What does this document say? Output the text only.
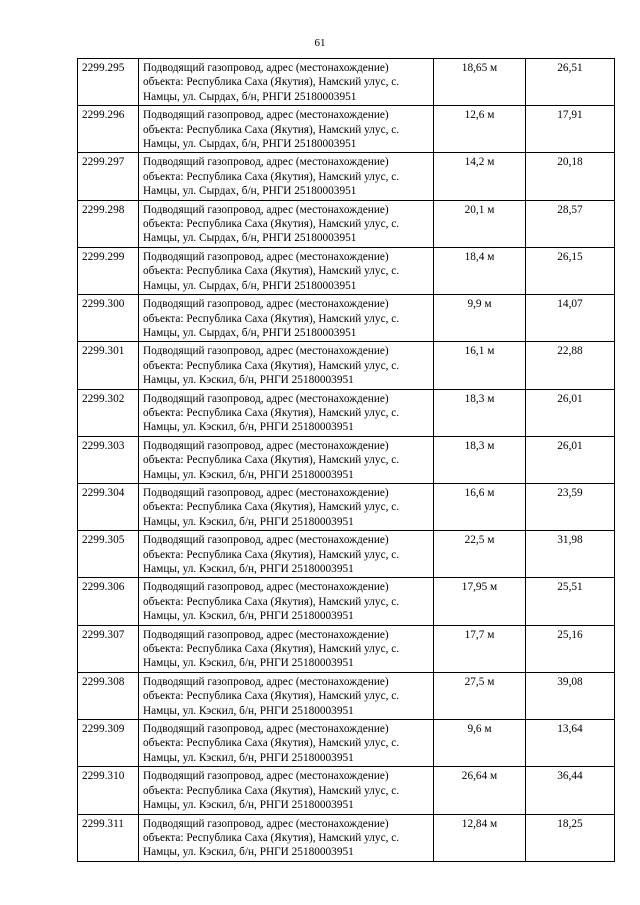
61
2299.295	Подводящий газопровод, адрес (местонахождение) объекта: Республика Саха (Якутия), Намский улус, с. Намцы, ул. Сырдах, б/н, РНГИ 25180003951	18,65 м	26,51
2299.296	Подводящий газопровод, адрес (местонахождение) объекта: Республика Саха (Якутия), Намский улус, с. Намцы, ул. Сырдах, б/н, РНГИ 25180003951	12,6 м	17,91
2299.297	Подводящий газопровод, адрес (местонахождение) объекта: Республика Саха (Якутия), Намский улус, с. Намцы, ул. Сырдах, б/н, РНГИ 25180003951	14,2 м	20,18
2299.298	Подводящий газопровод, адрес (местонахождение) объекта: Республика Саха (Якутия), Намский улус, с. Намцы, ул. Сырдах, б/н, РНГИ 25180003951	20,1 м	28,57
2299.299	Подводящий газопровод, адрес (местонахождение) объекта: Республика Саха (Якутия), Намский улус, с. Намцы, ул. Сырдах, б/н, РНГИ 25180003951	18,4 м	26,15
2299.300	Подводящий газопровод, адрес (местонахождение) объекта: Республика Саха (Якутия), Намский улус, с. Намцы, ул. Сырдах, б/н, РНГИ 25180003951	9,9 м	14,07
2299.301	Подводящий газопровод, адрес (местонахождение) объекта: Республика Саха (Якутия), Намский улус, с. Намцы, ул. Кэскил, б/н, РНГИ 25180003951	16,1 м	22,88
2299.302	Подводящий газопровод, адрес (местонахождение) объекта: Республика Саха (Якутия), Намский улус, с. Намцы, ул. Кэскил, б/н, РНГИ 25180003951	18,3 м	26,01
2299.303	Подводящий газопровод, адрес (местонахождение) объекта: Республика Саха (Якутия), Намский улус, с. Намцы, ул. Кэскил, б/н, РНГИ 25180003951	18,3 м	26,01
2299.304	Подводящий газопровод, адрес (местонахождение) объекта: Республика Саха (Якутия), Намский улус, с. Намцы, ул. Кэскил, б/н, РНГИ 25180003951	16,6 м	23,59
2299.305	Подводящий газопровод, адрес (местонахождение) объекта: Республика Саха (Якутия), Намский улус, с. Намцы, ул. Кэскил, б/н, РНГИ 25180003951	22,5 м	31,98
2299.306	Подводящий газопровод, адрес (местонахождение) объекта: Республика Саха (Якутия), Намский улус, с. Намцы, ул. Кэскил, б/н, РНГИ 25180003951	17,95 м	25,51
2299.307	Подводящий газопровод, адрес (местонахождение) объекта: Республика Саха (Якутия), Намский улус, с. Намцы, ул. Кэскил, б/н, РНГИ 25180003951	17,7 м	25,16
2299.308	Подводящий газопровод, адрес (местонахождение) объекта: Республика Саха (Якутия), Намский улус, с. Намцы, ул. Кэскил, б/н, РНГИ 25180003951	27,5 м	39,08
2299.309	Подводящий газопровод, адрес (местонахождение) объекта: Республика Саха (Якутия), Намский улус, с. Намцы, ул. Кэскил, б/н, РНГИ 25180003951	9,6 м	13,64
2299.310	Подводящий газопровод, адрес (местонахождение) объекта: Республика Саха (Якутия), Намский улус, с. Намцы, ул. Кэскил, б/н, РНГИ 25180003951	26,64 м	36,44
2299.311	Подводящий газопровод, адрес (местонахождение) объекта: Республика Саха (Якутия), Намский улус, с. Намцы, ул. Кэскил, б/н, РНГИ 25180003951	12,84 м	18,25
